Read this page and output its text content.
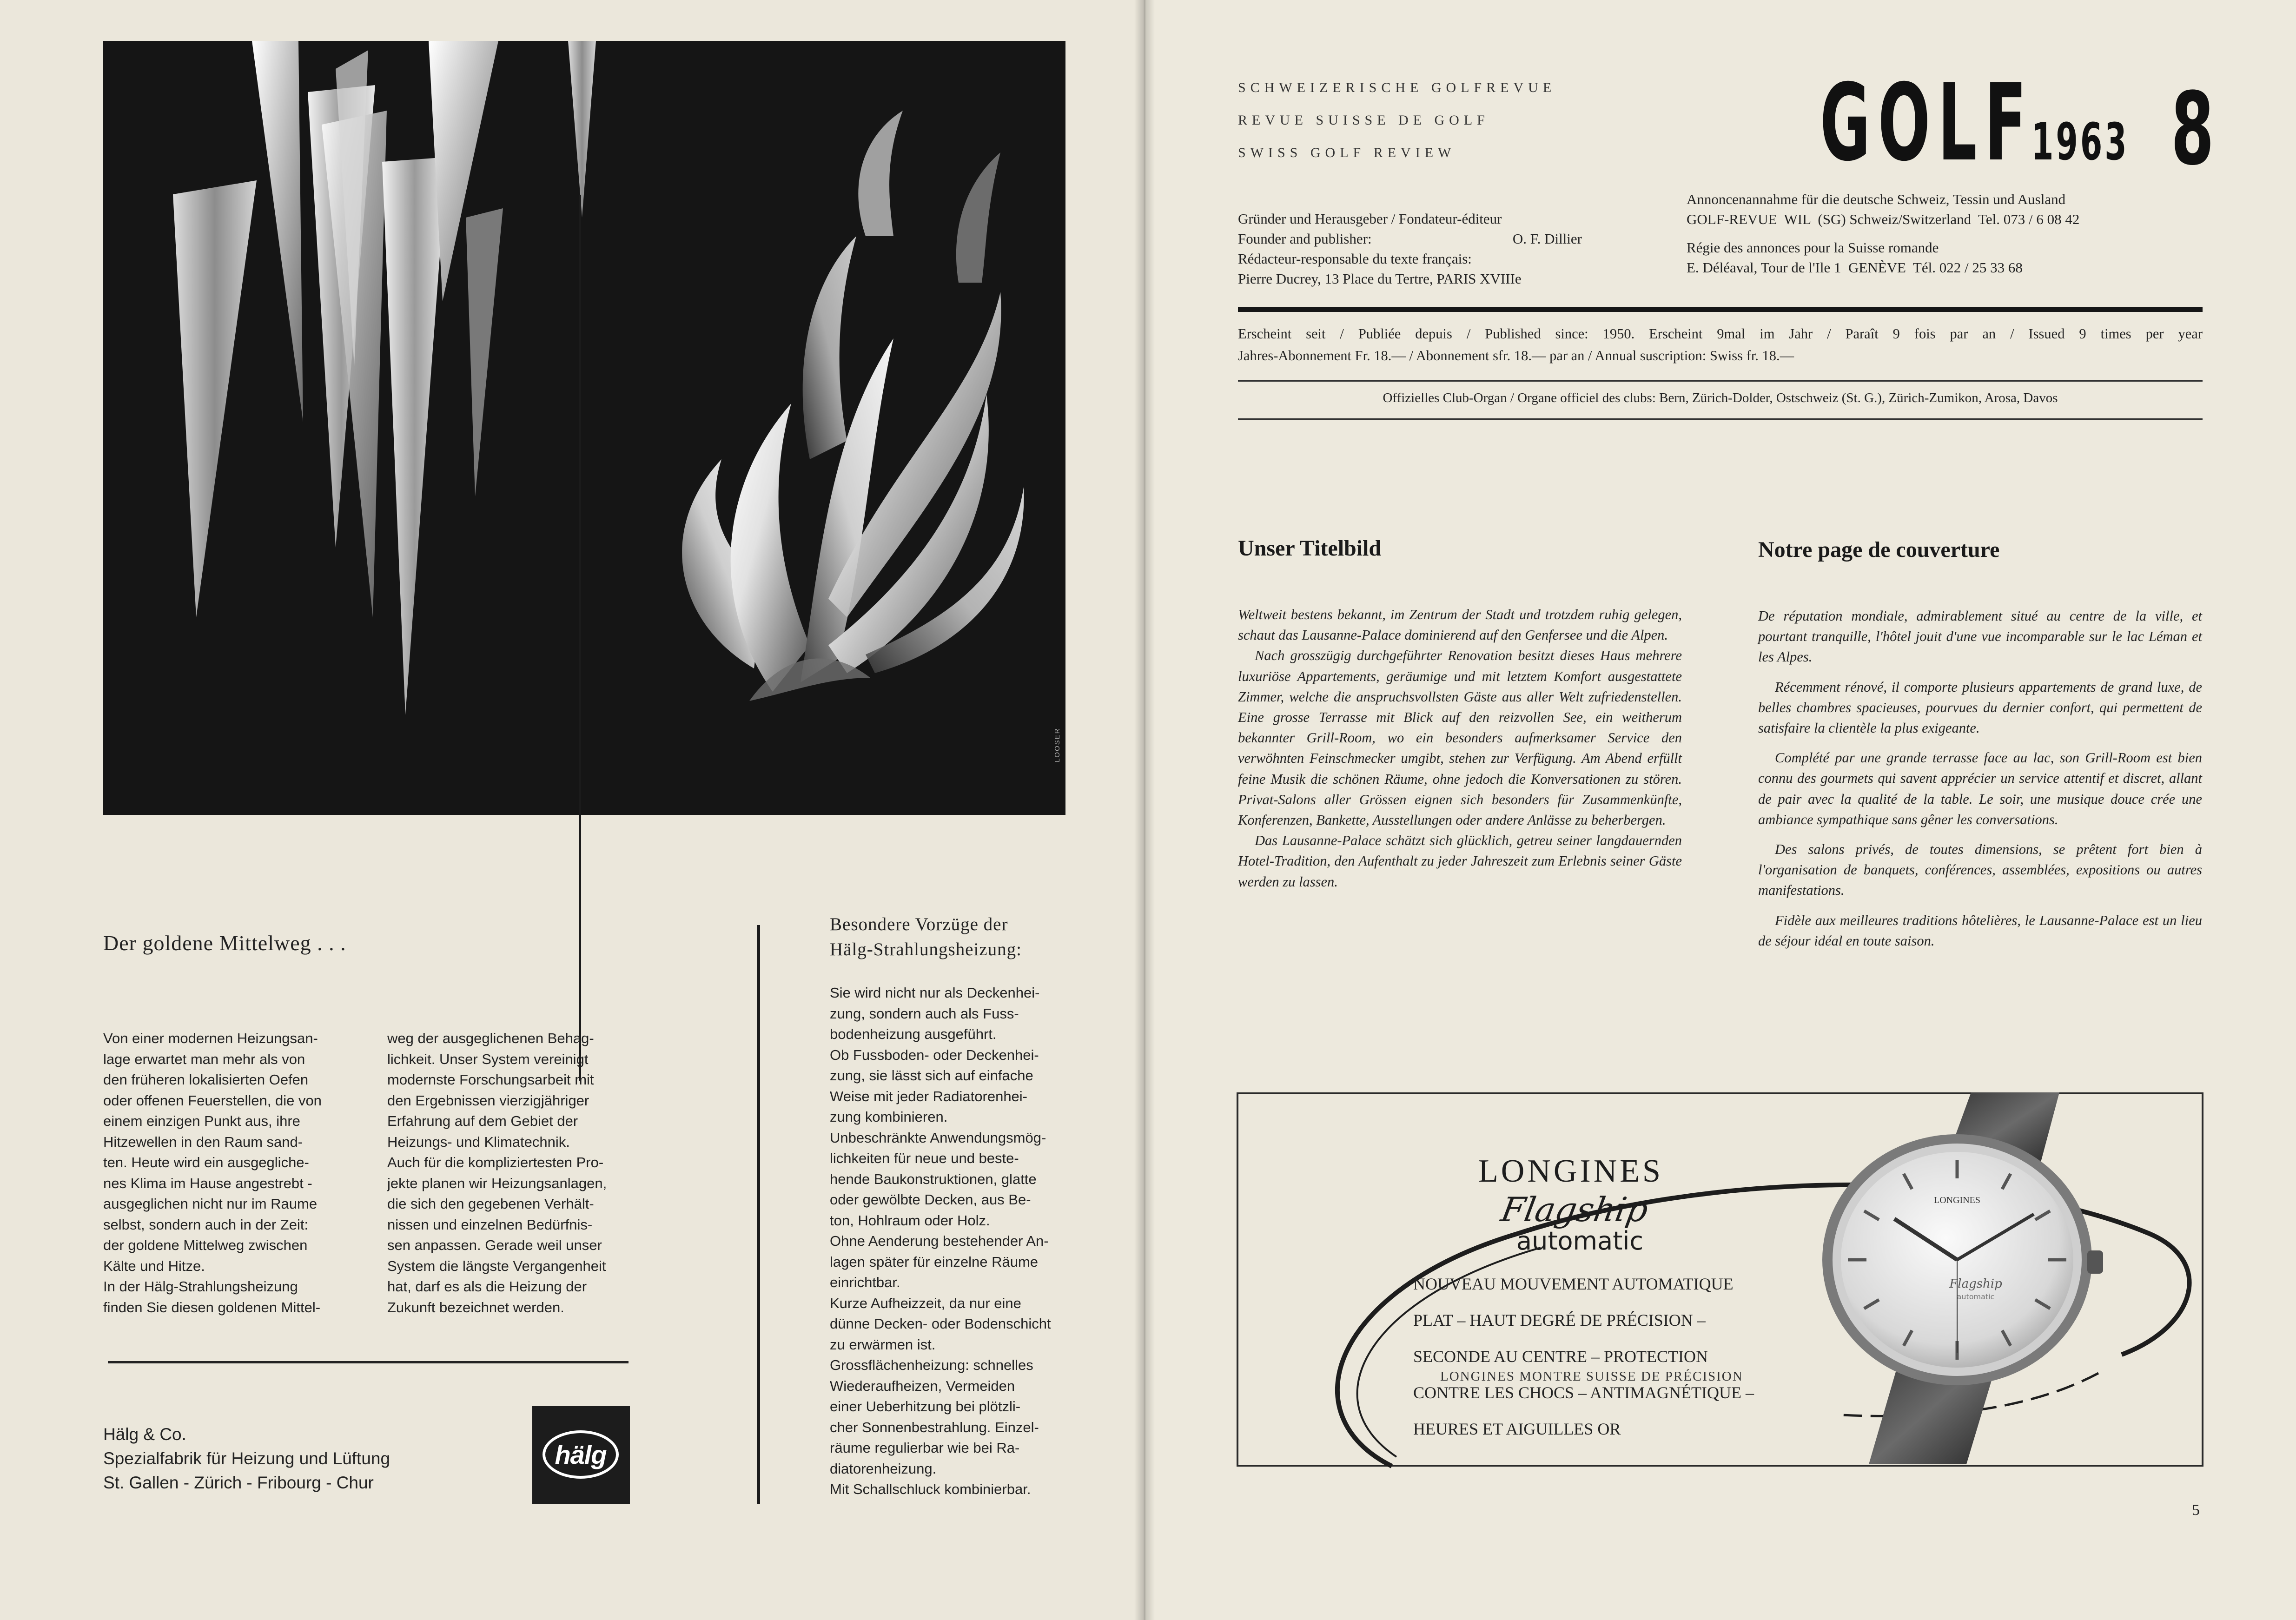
LOOSER
Der goldene Mittelweg . . .

Von einer modernen Heizungsan-

lage erwartet man mehr als von

den früheren lokalisierten Oefen

oder offenen Feuerstellen, die von

einem einzigen Punkt aus, ihre

Hitzewellen in den Raum sand-

ten. Heute wird ein ausgegliche-

nes Klima im Hause angestrebt -

ausgeglichen nicht nur im Raume

selbst, sondern auch in der Zeit:

der goldene Mittelweg zwischen

Kälte und Hitze.

In der Hälg-Strahlungsheizung

finden Sie diesen goldenen Mittel-

weg der ausgeglichenen Behag-

lichkeit. Unser System vereinigt

modernste Forschungsarbeit mit

den Ergebnissen vierzigjähriger

Erfahrung auf dem Gebiet der

Heizungs- und Klimatechnik.

Auch für die kompliziertesten Pro-

jekte planen wir Heizungsanlagen,

die sich den gegebenen Verhält-

nissen und einzelnen Bedürfnis-

sen anpassen. Gerade weil unser

System die längste Vergangenheit

hat, darf es als die Heizung der

Zukunft bezeichnet werden.

Besondere Vorzüge der
Hälg-Strahlungsheizung:

Sie wird nicht nur als Deckenhei-

zung, sondern auch als Fuss-

bodenheizung ausgeführt.

Ob Fussboden- oder Deckenhei-

zung, sie lässt sich auf einfache

Weise mit jeder Radiatorenhei-

zung kombinieren.

Unbeschränkte Anwendungsmög-

lichkeiten für neue und beste-

hende Baukonstruktionen, glatte

oder gewölbte Decken, aus Be-

ton, Hohlraum oder Holz.

Ohne Aenderung bestehender An-

lagen später für einzelne Räume

einrichtbar.

Kurze Aufheizzeit, da nur eine

dünne Decken- oder Bodenschicht

zu erwärmen ist.

Grossflächenheizung: schnelles

Wiederaufheizen, Vermeiden

einer Ueberhitzung bei plötzli-

cher Sonnenbestrahlung. Einzel-

räume regulierbar wie bei Ra-

diatorenheizung.

Mit Schallschluck kombinierbar.

Hälg & Co.
Spezialfabrik für Heizung und Lüftung
St. Gallen - Zürich - Fribourg - Chur
hälg
SCHWEIZERISCHE GOLFREVUE
REVUE SUISSE DE GOLF
SWISS GOLF REVIEW	GOLF
1963 8
Gründer und Herausgeber / Fondateur-éditeur
Founder and publisher:	O. F. Dillier
Rédacteur-responsable du texte français:
Pierre Ducrey, 13 Place du Tertre, PARIS XVIIIe
Annoncenannahme für die deutsche Schweiz, Tessin und Ausland
GOLF-REVUE  WIL  (SG) Schweiz/Switzerland  Tel. 073 / 6 08 42
Régie des annonces pour la Suisse romande
E. Déléaval, Tour de l'Ile 1  GENÈVE  Tél. 022 / 25 33 68
Erscheint seit / Publiée depuis / Published since: 1950. Erscheint 9mal im Jahr / Paraît 9 fois par an / Issued 9 times per year
Jahres-Abonnement Fr. 18.— / Abonnement sfr. 18.— par an / Annual suscription: Swiss fr. 18.—
Offizielles Club-Organ / Organe officiel des clubs: Bern, Zürich-Dolder, Ostschweiz (St. G.), Zürich-Zumikon, Arosa, Davos
Unser Titelbild

Weltweit bestens bekannt, im Zentrum der Stadt und trotzdem ruhig gelegen, schaut das Lausanne-Palace dominierend auf den Genfersee und die Alpen.

Nach grosszügig durchgeführter Renovation besitzt dieses Haus mehrere luxuriöse Appartements, geräumige und mit letztem Komfort ausgestattete Zimmer, welche die anspruchsvollsten Gäste aus aller Welt zufriedenstellen. Eine grosse Terrasse mit Blick auf den reizvollen See, ein weitherum bekannter Grill-Room, wo ein besonders aufmerksamer Service den verwöhnten Feinschmecker umgibt, stehen zur Verfügung. Am Abend erfüllt feine Musik die schönen Räume, ohne jedoch die Konversationen zu stören. Privat-Salons aller Grössen eignen sich besonders für Zusammenkünfte, Konferenzen, Bankette, Ausstellungen oder andere Anlässe zu beherbergen.

Das Lausanne-Palace schätzt sich glücklich, getreu seiner langdauernden Hotel-Tradition, den Aufenthalt zu jeder Jahreszeit zum Erlebnis seiner Gäste werden zu lassen.

Notre page de couverture

De réputation mondiale, admirablement situé au centre de la ville, et pourtant tranquille, l'hôtel jouit d'une vue incomparable sur le lac Léman et les Alpes.

Récemment rénové, il comporte plusieurs appartements de grand luxe, de belles chambres spacieuses, pourvues du dernier confort, qui permettent de satisfaire la clientèle la plus exigeante.

Complété par une grande terrasse face au lac, son Grill-Room est bien connu des gourmets qui savent apprécier un service attentif et discret, allant de pair avec la qualité de la table. Le soir, une musique douce crée une ambiance sympathique sans gêner les conversations.

Des salons privés, de toutes dimensions, se prêtent fort bien à l'organisation de banquets, conférences, assemblées, expositions ou autres manifestations.

Fidèle aux meilleures traditions hôtelières, le Lausanne-Palace est un lieu de séjour idéal en toute saison.

LONGINES
Flagship
automatic

NOUVEAU MOUVEMENT AUTOMATIQUE

PLAT – HAUT DEGRÉ DE PRÉCISION –

SECONDE AU CENTRE – PROTECTION

CONTRE LES CHOCS – ANTIMAGNÉTIQUE –

HEURES ET AIGUILLES OR

LONGINES MONTRE SUISSE DE PRÉCISION
LONGINES
Flagship
automatic
5
